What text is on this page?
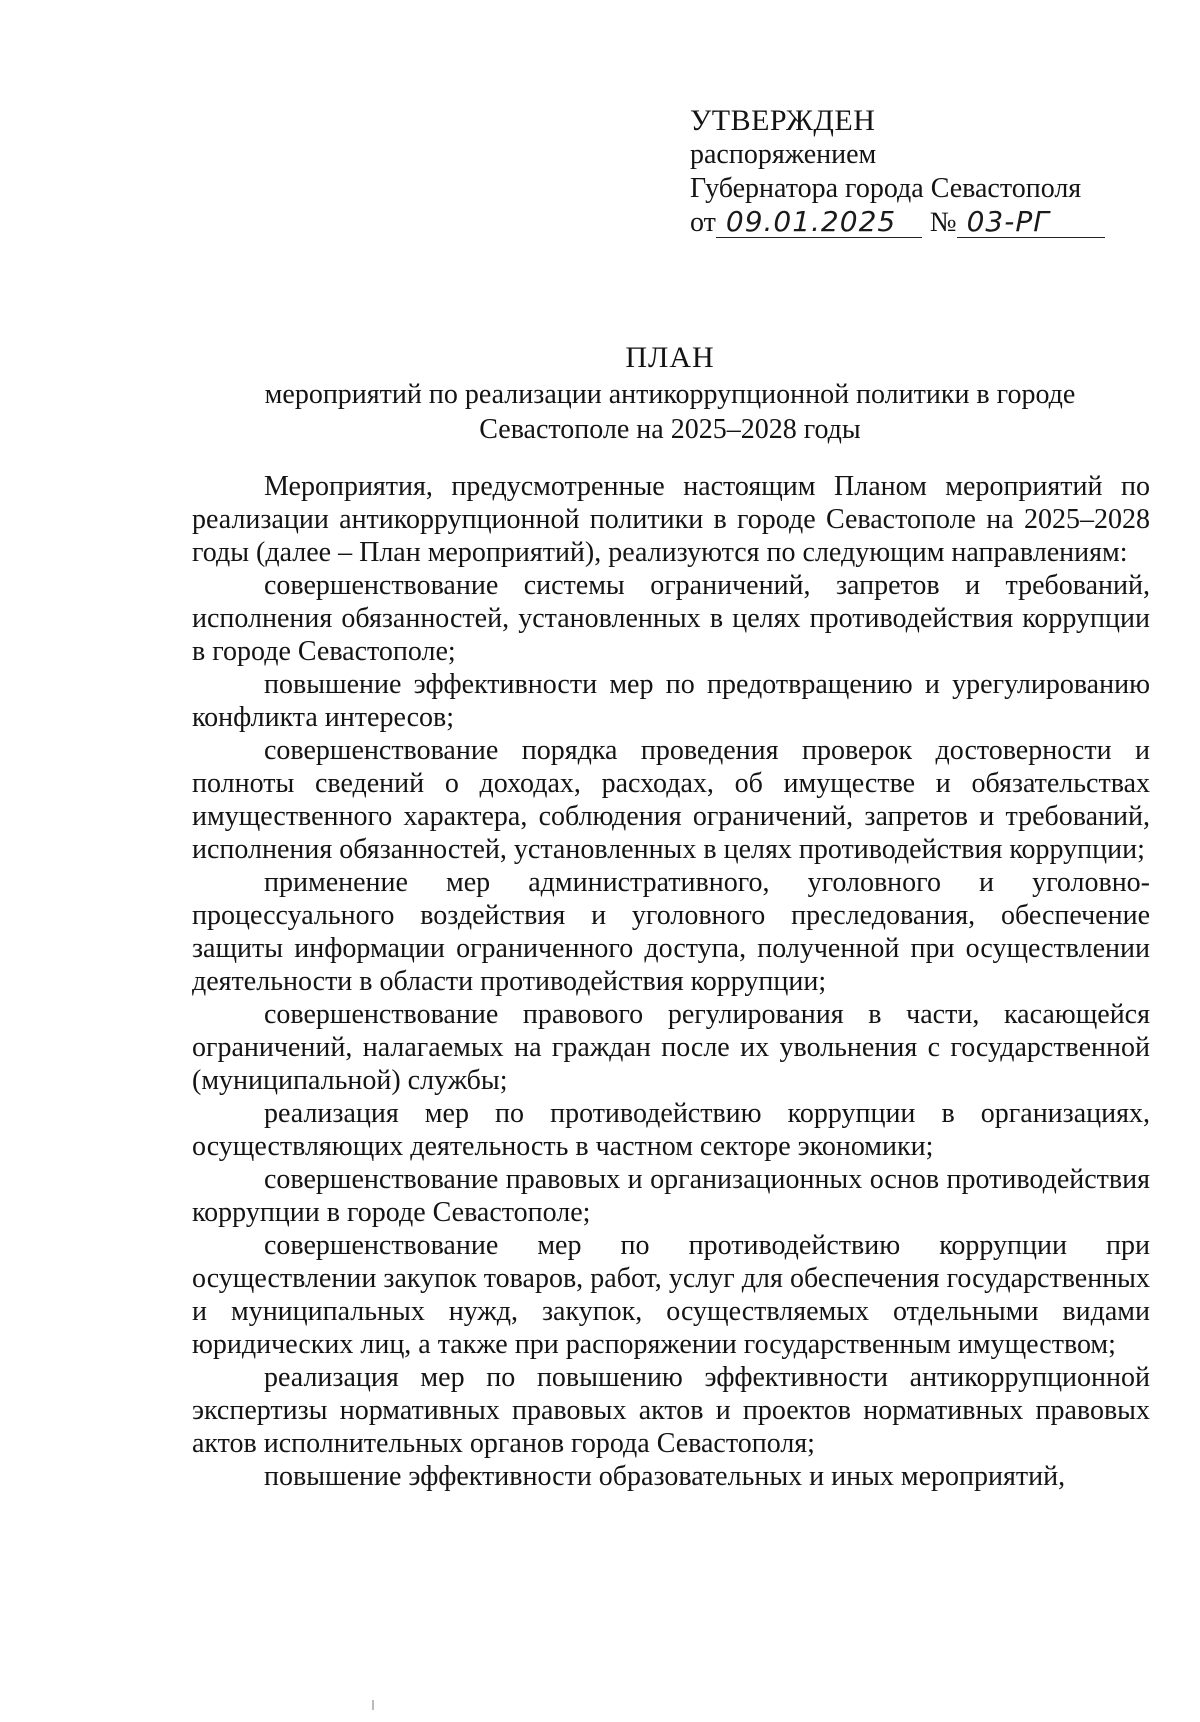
УТВЕРЖДЕН
распоряжением
Губернатора города Севастополя
от 09.01.2025	№ 03-РГ
ПЛАН
мероприятий по реализации антикоррупционной политики в городе
Севастополе на 2025–2028 годы

Мероприятия, предусмотренные настоящим Планом мероприятий по реализации антикоррупционной политики в городе Севастополе на 2025–2028 годы (далее – План мероприятий), реализуются по следующим направлениям:

совершенствование системы ограничений, запретов и требований, исполнения обязанностей, установленных в целях противодействия коррупции в городе Севастополе;

повышение эффективности мер по предотвращению и урегулированию конфликта интересов;

совершенствование порядка проведения проверок достоверности и полноты сведений о доходах, расходах, об имуществе и обязательствах имущественного характера, соблюдения ограничений, запретов и требований, исполнения обязанностей, установленных в целях противодействия коррупции;

применение мер административного, уголовного и уголовно-процессуального воздействия и уголовного преследования, обеспечение защиты информации ограниченного доступа, полученной при осуществлении деятельности в области противодействия коррупции;

совершенствование правового регулирования в части, касающейся ограничений, налагаемых на граждан после их увольнения с государственной (муниципальной) службы;

реализация мер по противодействию коррупции в организациях, осуществляющих деятельность в частном секторе экономики;

совершенствование правовых и организационных основ противодействия коррупции в городе Севастополе;

совершенствование мер по противодействию коррупции при осуществлении закупок товаров, работ, услуг для обеспечения государственных и муниципальных нужд, закупок, осуществляемых отдельными видами юридических лиц, а также при распоряжении государственным имуществом;

реализация мер по повышению эффективности антикоррупционной экспертизы нормативных правовых актов и проектов нормативных правовых актов исполнительных органов города Севастополя;

повышение эффективности образовательных и иных мероприятий,
